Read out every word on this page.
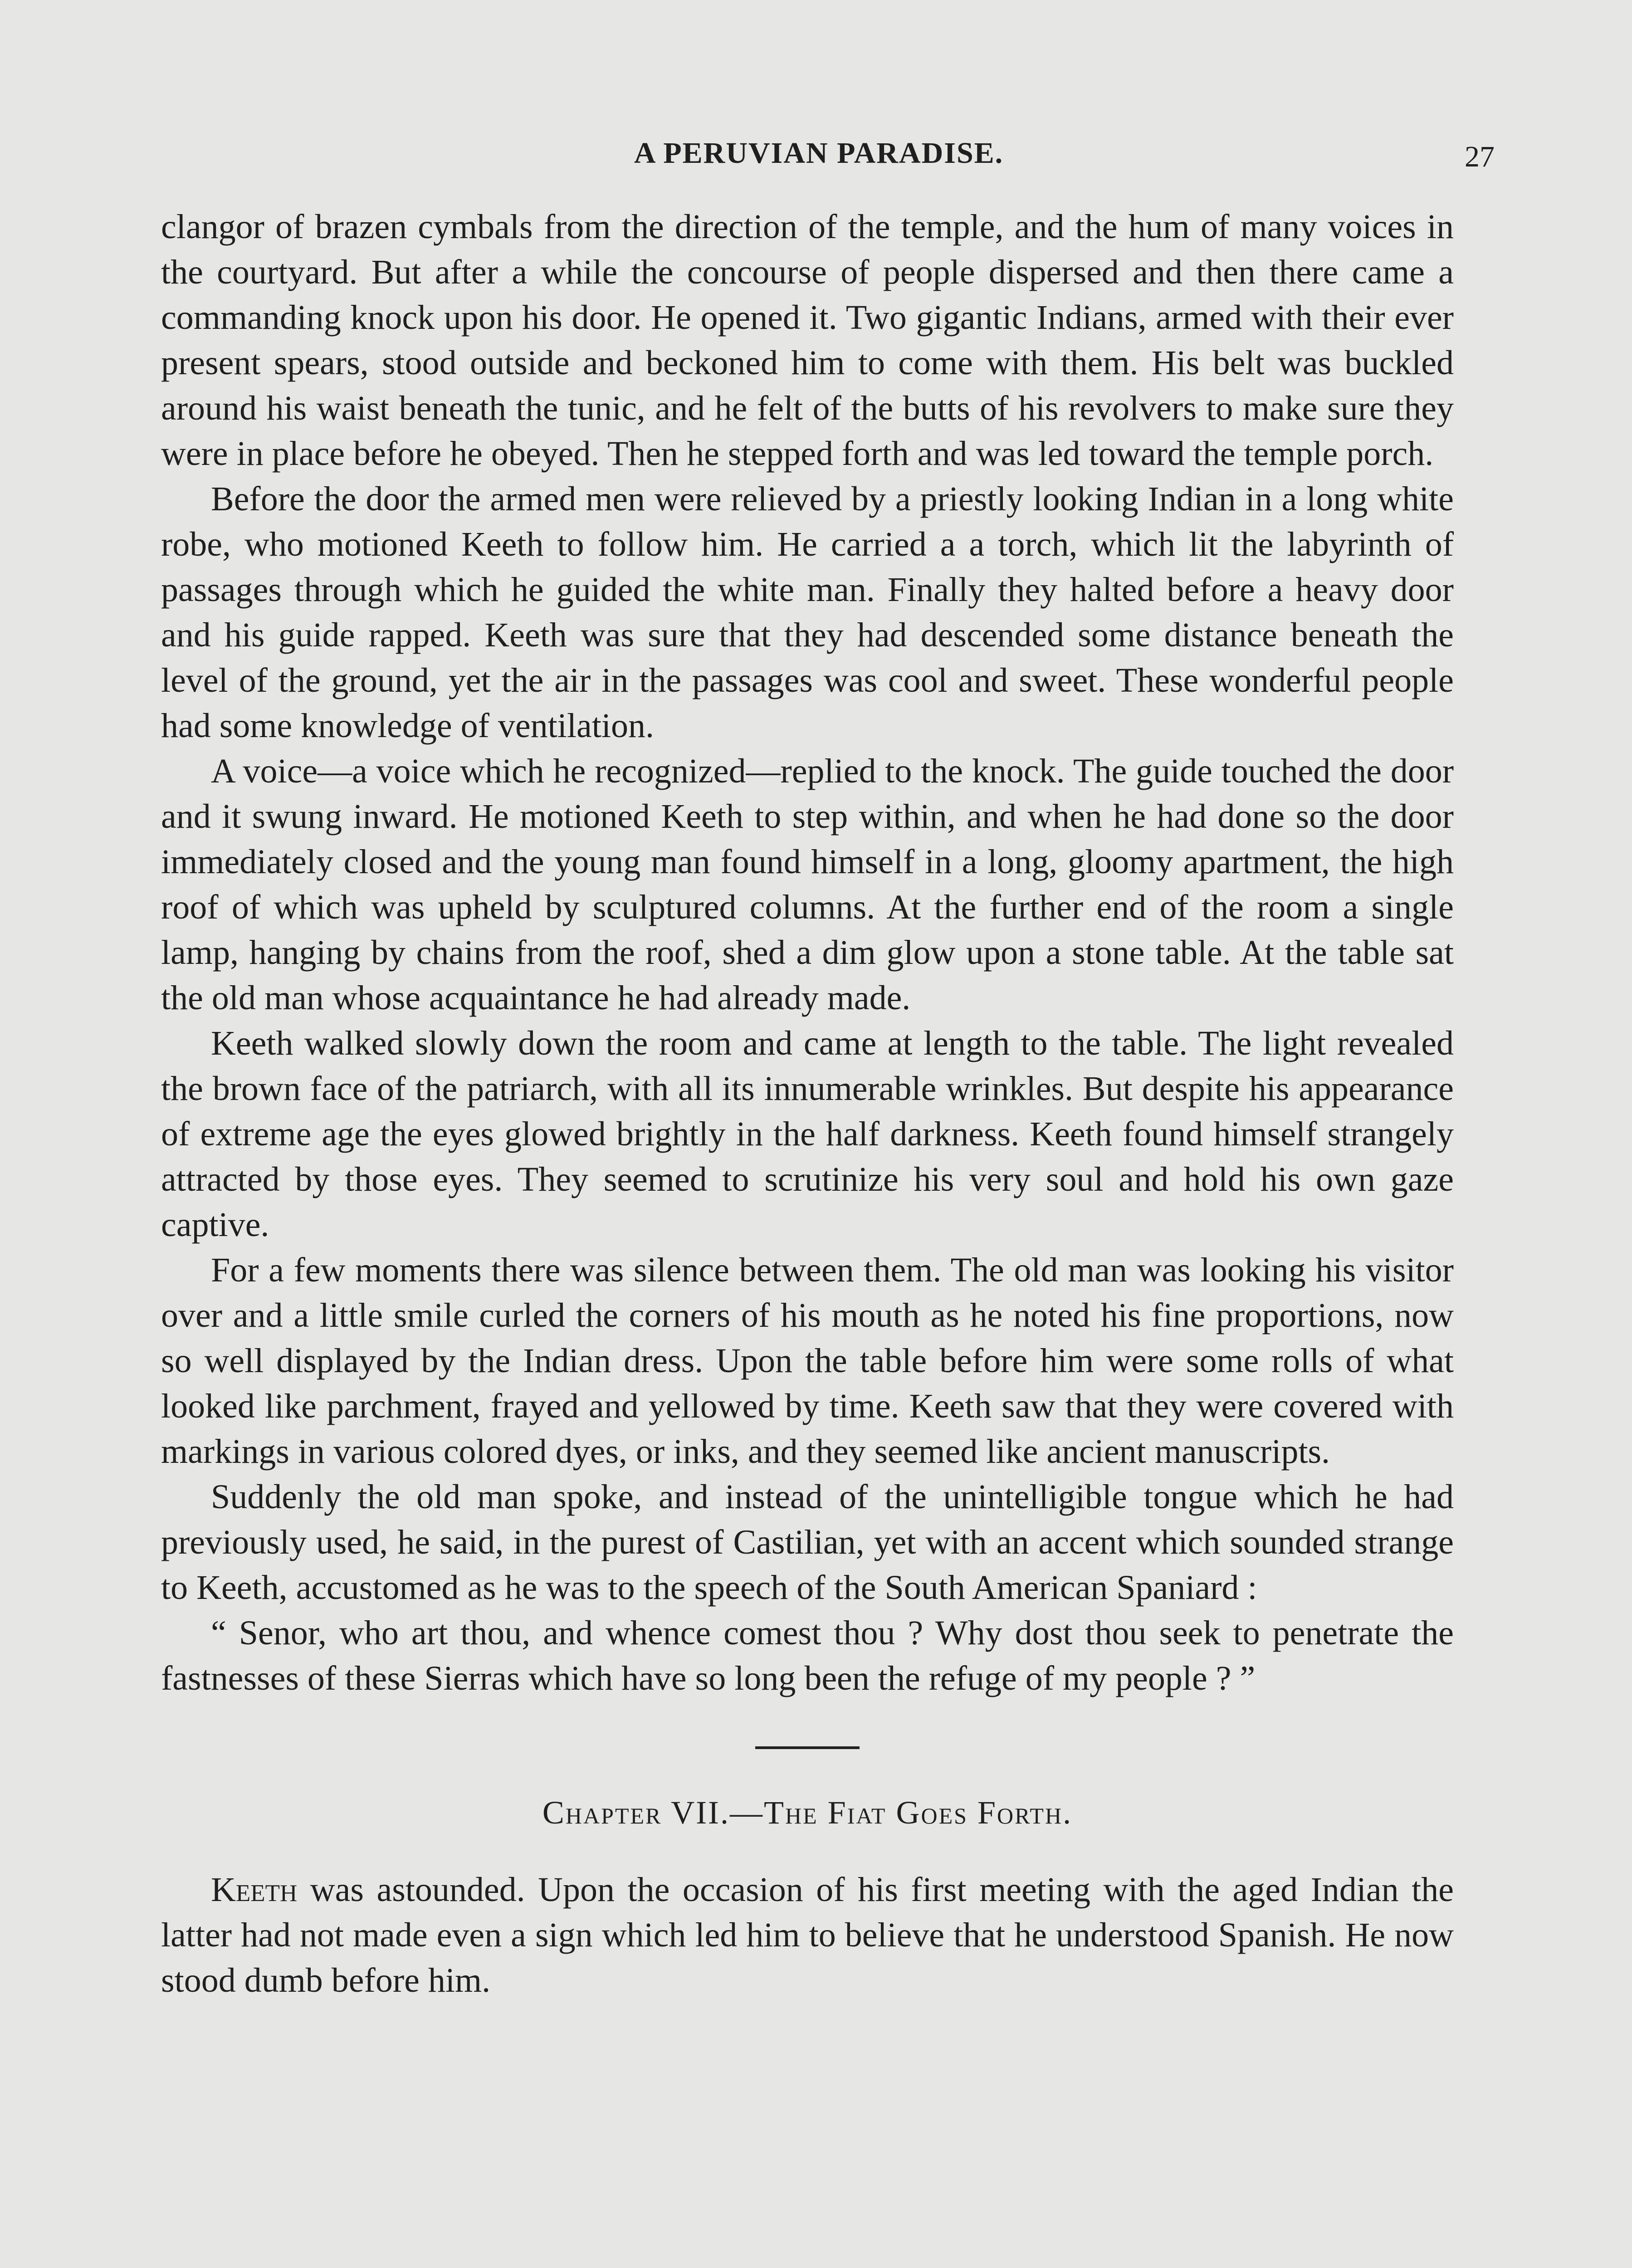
A PERUVIAN PARADISE.	27

clangor of brazen cymbals from the direction of the temple, and the hum of many voices in the courtyard. But after a while the concourse of people dispersed and then there came a commanding knock upon his door. He opened it. Two gigantic Indians, armed with their ever present spears, stood outside and beckoned him to come with them. His belt was buckled around his waist beneath the tunic, and he felt of the butts of his revolvers to make sure they were in place before he obeyed. Then he stepped forth and was led toward the temple porch.

Before the door the armed men were relieved by a priestly looking Indian in a long white robe, who motioned Keeth to follow him. He carried a a torch, which lit the labyrinth of passages through which he guided the white man. Finally they halted before a heavy door and his guide rapped. Keeth was sure that they had descended some distance beneath the level of the ground, yet the air in the passages was cool and sweet. These wonderful people had some knowledge of ventilation.

A voice—a voice which he recognized—replied to the knock. The guide touched the door and it swung inward. He motioned Keeth to step within, and when he had done so the door immediately closed and the young man found himself in a long, gloomy apartment, the high roof of which was upheld by sculptured columns. At the further end of the room a single lamp, hanging by chains from the roof, shed a dim glow upon a stone table. At the table sat the old man whose acquaintance he had already made.

Keeth walked slowly down the room and came at length to the table. The light revealed the brown face of the patriarch, with all its innumerable wrinkles. But despite his appearance of extreme age the eyes glowed brightly in the half darkness. Keeth found himself strangely attracted by those eyes. They seemed to scrutinize his very soul and hold his own gaze captive.

For a few moments there was silence between them. The old man was looking his visitor over and a little smile curled the corners of his mouth as he noted his fine proportions, now so well displayed by the Indian dress. Upon the table before him were some rolls of what looked like parchment, frayed and yellowed by time. Keeth saw that they were covered with markings in various colored dyes, or inks, and they seemed like ancient manuscripts.

Suddenly the old man spoke, and instead of the unintelligible tongue which he had previously used, he said, in the purest of Castilian, yet with an accent which sounded strange to Keeth, accustomed as he was to the speech of the South American Spaniard :

“ Senor, who art thou, and whence comest thou ? Why dost thou seek to penetrate the fastnesses of these Sierras which have so long been the refuge of my people ? ”

Chapter VII.—The Fiat Goes Forth.

Keeth was astounded. Upon the occasion of his first meeting with the aged Indian the latter had not made even a sign which led him to believe that he understood Spanish. He now stood dumb before him.
